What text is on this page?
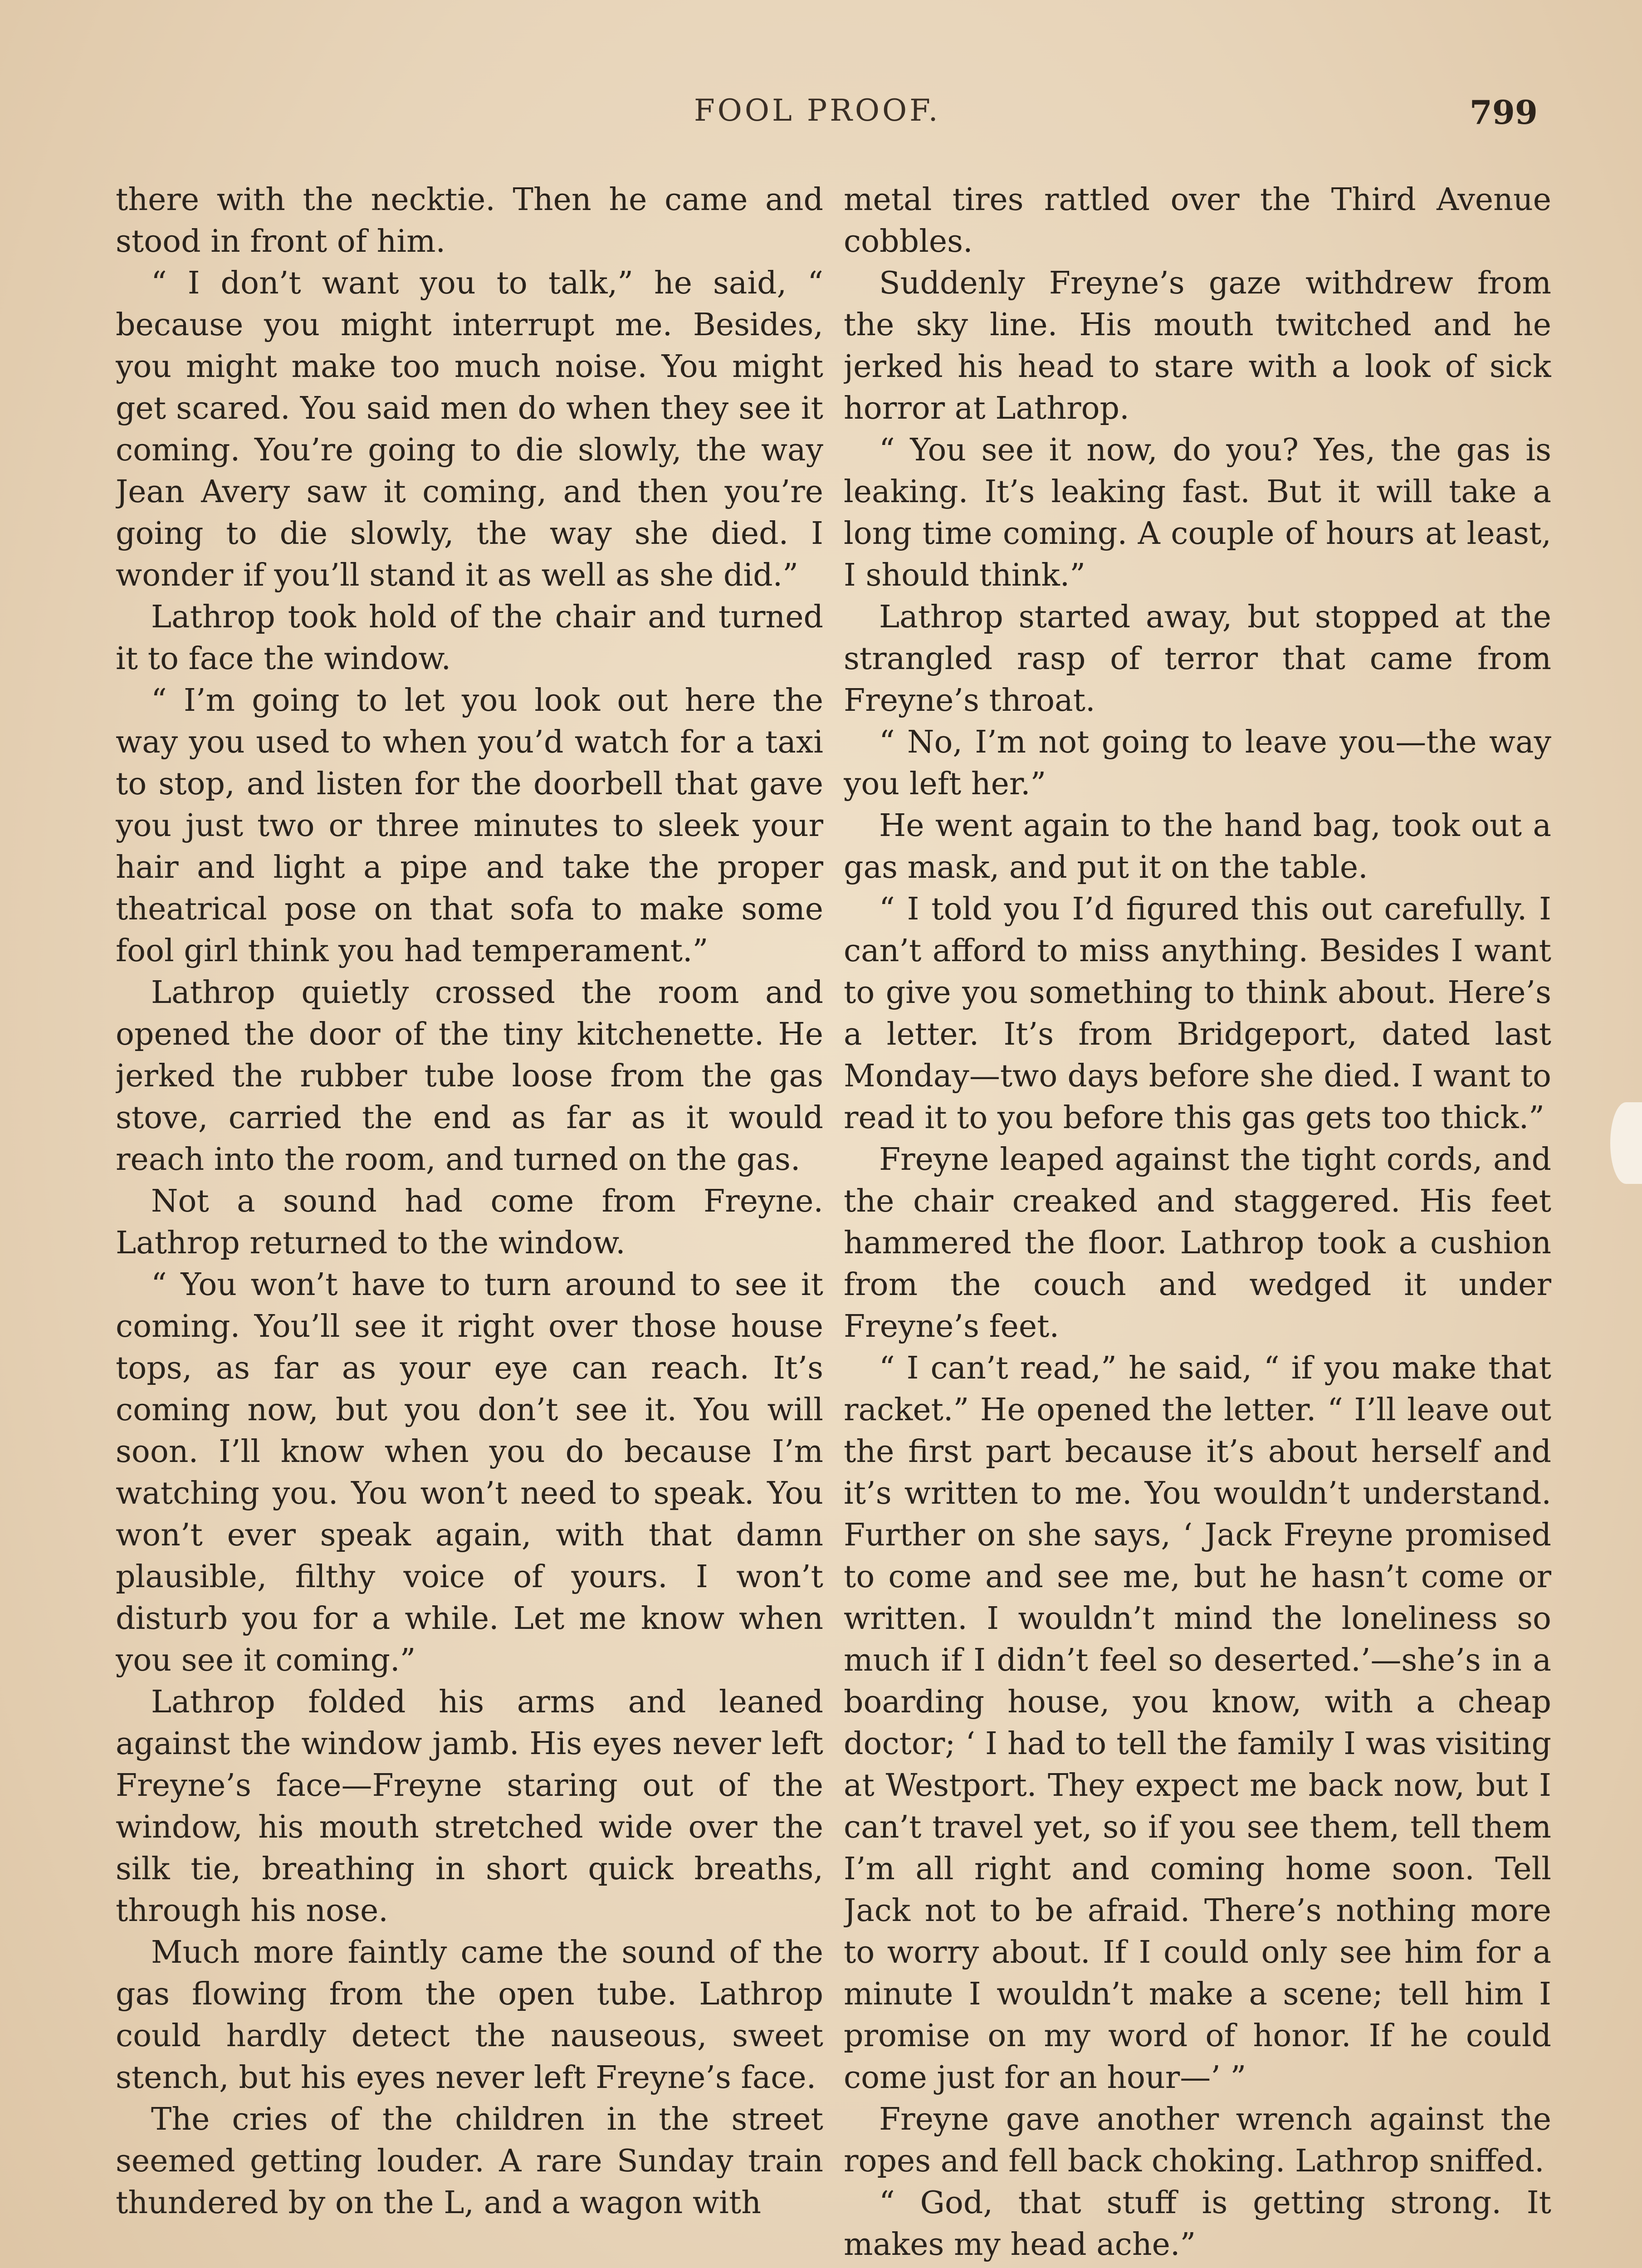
FOOL PROOF.	799

there with the necktie. Then he came and stood in front of him.

“ I don’t want you to talk,” he said, “ because you might interrupt me. Besides, you might make too much noise. You might get scared. You said men do when they see it coming. You’re going to die slowly, the way Jean Avery saw it coming, and then you’re going to die slowly, the way she died. I wonder if you’ll stand it as well as she did.”

Lathrop took hold of the chair and turned it to face the window.

“ I’m going to let you look out here the way you used to when you’d watch for a taxi to stop, and listen for the doorbell that gave you just two or three minutes to sleek your hair and light a pipe and take the proper theatrical pose on that sofa to make some fool girl think you had temperament.”

Lathrop quietly crossed the room and opened the door of the tiny kitchenette. He jerked the rubber tube loose from the gas stove, carried the end as far as it would reach into the room, and turned on the gas.

Not a sound had come from Freyne. Lathrop returned to the window.

“ You won’t have to turn around to see it coming. You’ll see it right over those house tops, as far as your eye can reach. It’s coming now, but you don’t see it. You will soon. I’ll know when you do because I’m watching you. You won’t need to speak. You won’t ever speak again, with that damn plausible, filthy voice of yours. I won’t disturb you for a while. Let me know when you see it coming.”

Lathrop folded his arms and leaned against the window jamb. His eyes never left Freyne’s face—Freyne staring out of the window, his mouth stretched wide over the silk tie, breathing in short quick breaths, through his nose.

Much more faintly came the sound of the gas flowing from the open tube. Lathrop could hardly detect the nauseous, sweet stench, but his eyes never left Freyne’s face.

The cries of the children in the street seemed getting louder. A rare Sunday train thundered by on the L, and a wagon with

metal tires rattled over the Third Avenue cobbles.

Suddenly Freyne’s gaze withdrew from the sky line. His mouth twitched and he jerked his head to stare with a look of sick horror at Lathrop.

“ You see it now, do you? Yes, the gas is leaking. It’s leaking fast. But it will take a long time coming. A couple of hours at least, I should think.”

Lathrop started away, but stopped at the strangled rasp of terror that came from Freyne’s throat.

“ No, I’m not going to leave you—the way you left her.”

He went again to the hand bag, took out a gas mask, and put it on the table.

“ I told you I’d figured this out carefully. I can’t afford to miss anything. Besides I want to give you something to think about. Here’s a letter. It’s from Bridgeport, dated last Monday—two days before she died. I want to read it to you before this gas gets too thick.”

Freyne leaped against the tight cords, and the chair creaked and staggered. His feet hammered the floor. Lathrop took a cushion from the couch and wedged it under Freyne’s feet.

“ I can’t read,” he said, “ if you make that racket.” He opened the letter. “ I’ll leave out the first part because it’s about herself and it’s written to me. You wouldn’t understand. Further on she says, ‘ Jack Freyne promised to come and see me, but he hasn’t come or written. I wouldn’t mind the loneliness so much if I didn’t feel so deserted.’—she’s in a boarding house, you know, with a cheap doctor; ‘ I had to tell the family I was visiting at Westport. They expect me back now, but I can’t travel yet, so if you see them, tell them I’m all right and coming home soon. Tell Jack not to be afraid. There’s nothing more to worry about. If I could only see him for a minute I wouldn’t make a scene; tell him I promise on my word of honor. If he could come just for an hour—’ ”

Freyne gave another wrench against the ropes and fell back choking. Lathrop sniffed.

“ God, that stuff is getting strong. It makes my head ache.”
